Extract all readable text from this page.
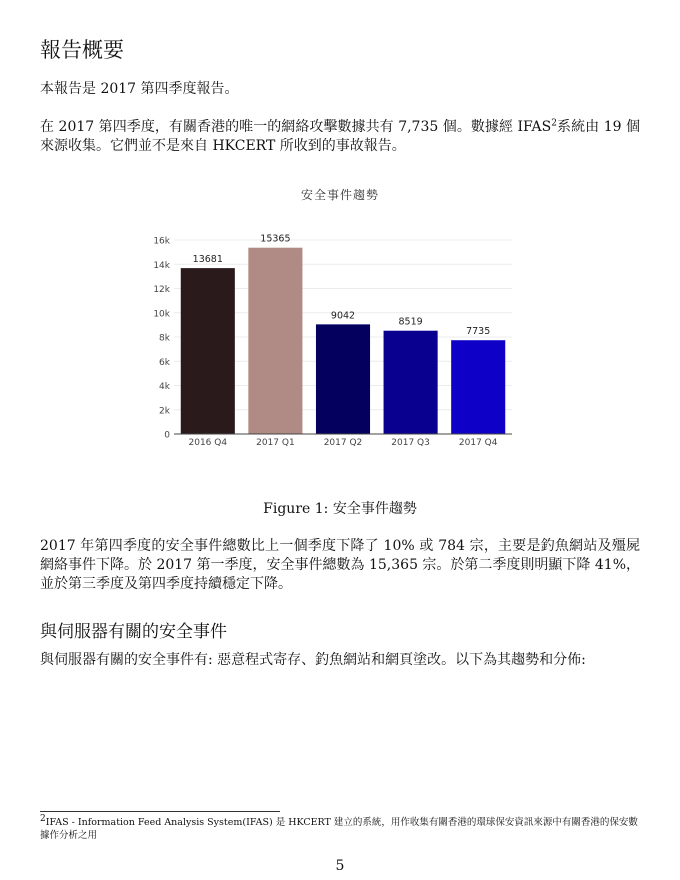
報告概要

本報告是 2017 第四季度報告。

在 2017 第四季度，有關香港的唯一的網絡攻擊數據共有 7,735 個。數據經 IFAS$^2$系統由 19 個來源收集。它們並不是來自 HKCERT 所收到的事故報告。

安全事件趨勢
0
2k
4k
6k
8k
10k
12k
14k
16k
13681
2016 Q4
15365
2017 Q1
9042
2017 Q2
8519
2017 Q3
7735
2017 Q4
Figure 1: 安全事件趨勢

2017 年第四季度的安全事件總數比上一個季度下降了 10% 或 784 宗，主要是釣魚網站及殭屍網絡事件下降。於 2017 第一季度，安全事件總數為 15,365 宗。於第二季度則明顯下降 41%，並於第三季度及第四季度持續穩定下降。

與伺服器有關的安全事件

與伺服器有關的安全事件有: 惡意程式寄存、釣魚網站和網頁塗改。以下為其趨勢和分佈:

$^2$IFAS - Information Feed Analysis System(IFAS) 是 HKCERT 建立的系統，用作收集有關香港的環球保安資訊來源中有關香港的保安數據作分析之用

5
